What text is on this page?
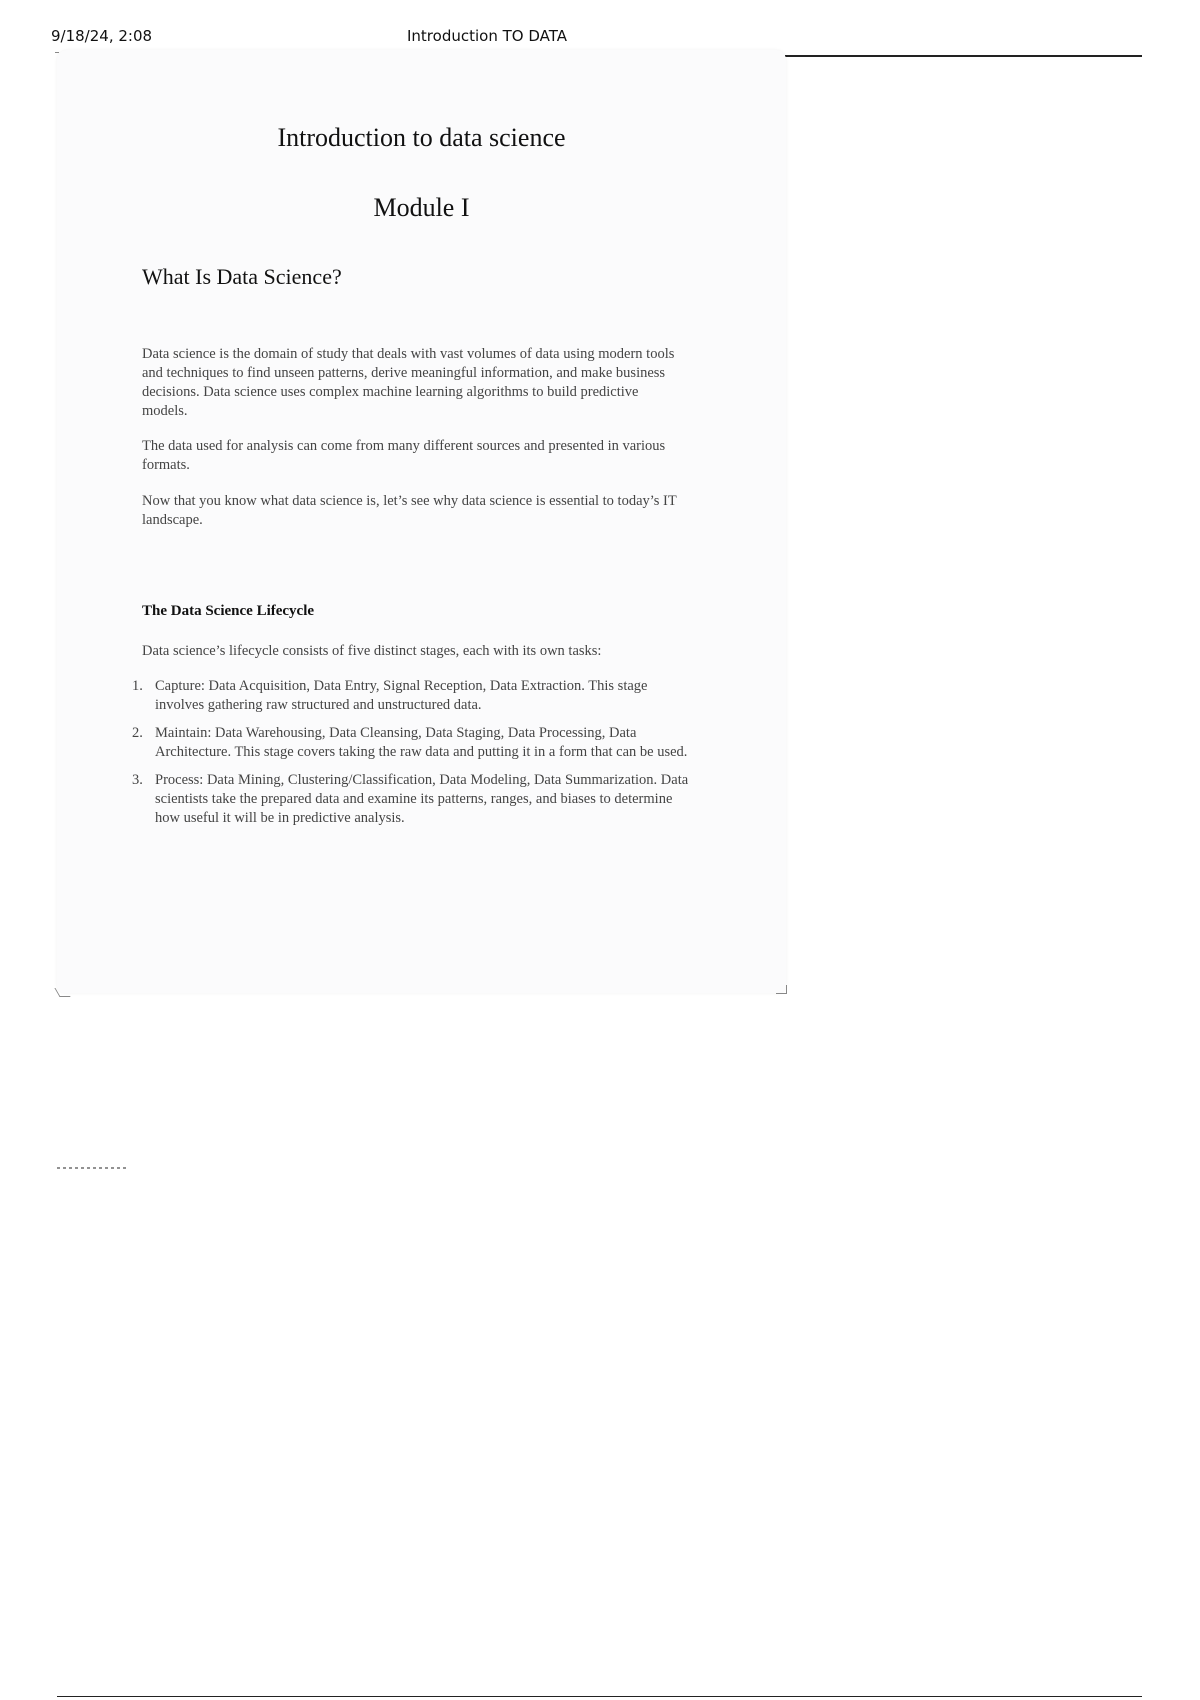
9/18/24, 2:08	Introduction TO DATA
Introduction to data science
Module I
What Is Data Science?

Data science is the domain of study that deals with vast volumes of data using modern tools and techniques to find unseen patterns, derive meaningful information, and make business decisions. Data science uses complex machine learning algorithms to build predictive models.

The data used for analysis can come from many different sources and presented in various formats.

Now that you know what data science is, let’s see why data science is essential to today’s IT landscape.

The Data Science Lifecycle

Data science’s lifecycle consists of five distinct stages, each with its own tasks:

1. Capture: Data Acquisition, Data Entry, Signal Reception, Data Extraction. This stage involves gathering raw structured and unstructured data.
2. Maintain: Data Warehousing, Data Cleansing, Data Staging, Data Processing, Data Architecture. This stage covers taking the raw data and putting it in a form that can be used.
3. Process: Data Mining, Clustering/Classification, Data Modeling, Data Summarization. Data scientists take the prepared data and examine its patterns, ranges, and biases to determine how useful it will be in predictive analysis.
